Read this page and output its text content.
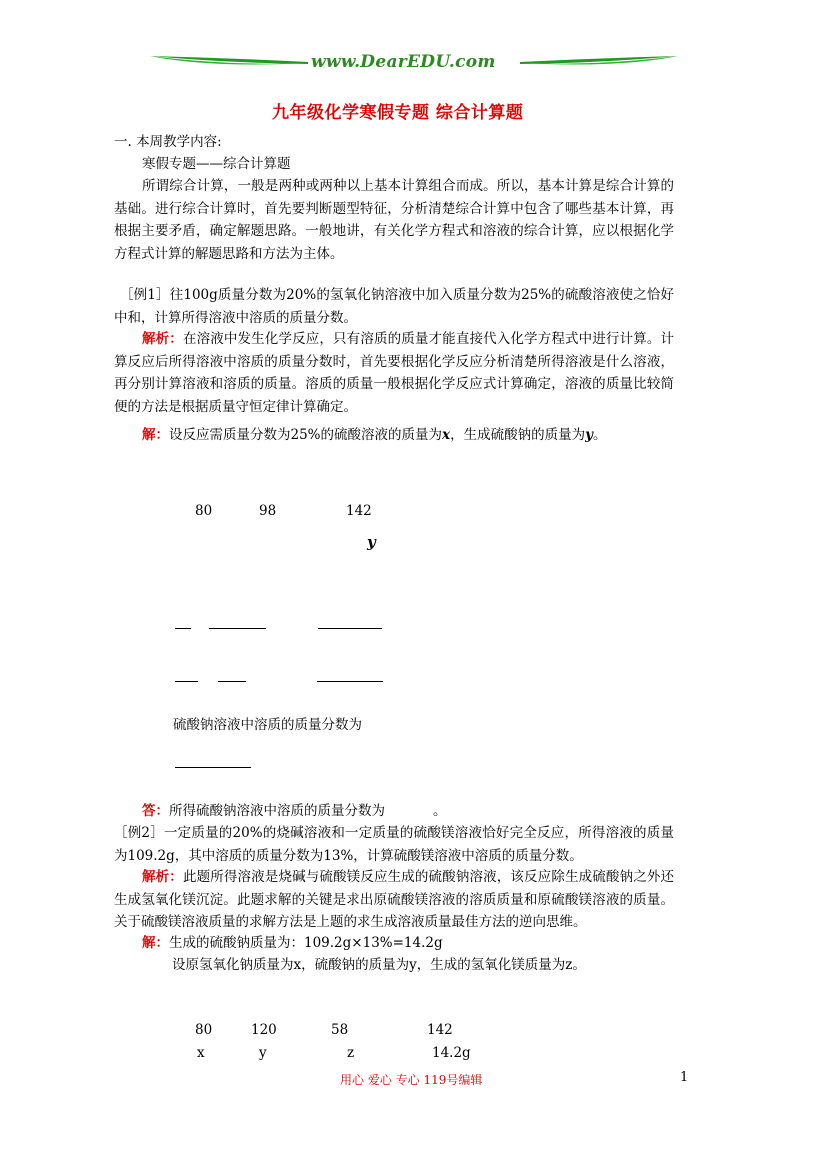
www.DearEDU.com
九年级化学寒假专题 综合计算题
一. 本周教学内容:
寒假专题——综合计算题
所谓综合计算，一般是两种或两种以上基本计算组合而成。所以，基本计算是综合计算的基础。进行综合计算时，首先要判断题型特征，分析清楚综合计算中包含了哪些基本计算，再根据主要矛盾，确定解题思路。一般地讲，有关化学方程式和溶液的综合计算，应以根据化学方程式计算的解题思路和方法为主体。
［例1］往100g质量分数为20%的氢氧化钠溶液中加入质量分数为25%的硫酸溶液使之恰好中和，计算所得溶液中溶质的质量分数。
解析：在溶液中发生化学反应，只有溶质的质量才能直接代入化学方程式中进行计算。计算反应后所得溶液中溶质的质量分数时，首先要根据化学反应分析清楚所得溶液是什么溶液，再分别计算溶液和溶质的质量。溶质的质量一般根据化学反应式计算确定，溶液的质量比较简便的方法是根据质量守恒定律计算确定。
解：设反应需质量分数为25%的硫酸溶液的质量为x，生成硫酸钠的质量为y。
80	98	142
y
硫酸钠溶液中溶质的质量分数为
答：所得硫酸钠溶液中溶质的质量分数为	。
［例2］一定质量的20%的烧碱溶液和一定质量的硫酸镁溶液恰好完全反应，所得溶液的质量为109.2g，其中溶质的质量分数为13%，计算硫酸镁溶液中溶质的质量分数。
解析：此题所得溶液是烧碱与硫酸镁反应生成的硫酸钠溶液，该反应除生成硫酸钠之外还生成氢氧化镁沉淀。此题求解的关键是求出原硫酸镁溶液的溶质质量和原硫酸镁溶液的质量。关于硫酸镁溶液质量的求解方法是上题的求生成溶液质量最佳方法的逆向思维。
解：生成的硫酸钠质量为：109.2g×13%=14.2g
设原氢氧化钠质量为x，硫酸钠的质量为y，生成的氢氧化镁质量为z。
80	120	58	142
x	y	z	14.2g
用心 爱心 专心 119号编辑	1
